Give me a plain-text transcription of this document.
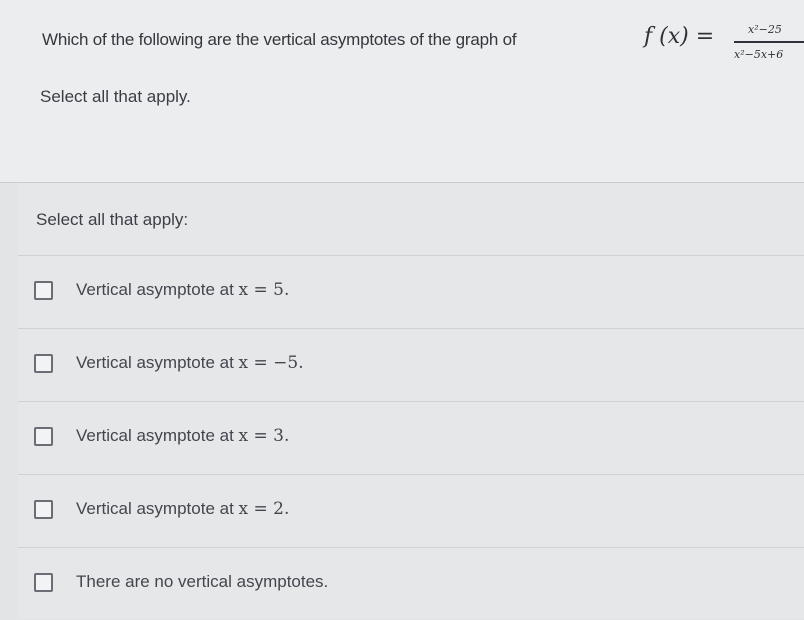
Which of the following are the vertical asymptotes of the graph of	f (x) =	x²−25
x²−5x+6
Select all that apply.
Select all that apply:
Vertical asymptote at x = 5.
Vertical asymptote at x = −5.
Vertical asymptote at x = 3.
Vertical asymptote at x = 2.
There are no vertical asymptotes.
